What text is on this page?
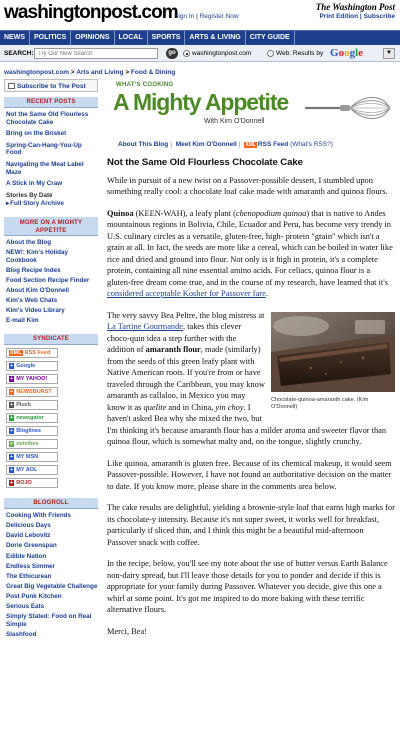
washingtonpost.com
Sign In | Register Now
The Washington Post
Print Edition | Subscribe
NEWS	POLITICS	OPINIONS	LOCAL	SPORTS	ARTS & LIVING	CITY GUIDE
SEARCH:
Try Our New Search	go	washingtonpost.com	Web: Results by Google	▼
washingtonpost.com > Arts and Living > Food & Dining
WHAT'S COOKING
A Mighty Appetite
With Kim O'Donnell
About This Blog | Meet Kim O'Donnell | XML RSS Feed (What's RSS?)
Subscribe to The Post
RECENT POSTS
Not the Same Old Flourless Chocolate Cake
Bring on the Brisket
Spring-Can-Hang-You-Up Food
Navigating the Meat Label Maze
A Stick in My Craw
Stories By Date
▸Full Story Archive
MORE ON A MIGHTY APPETITE
About the Blog
NEW!: Kim's Holiday Cookbook
Blog Recipe Index
Food Section Recipe Finder
About Kim O'Donnell
Kim's Web Chats
Kim's Video Library
E-mail Kim
SYNDICATE
XML RSS Feed
+ Google
+ MY YAHOO!
+ NEWSBURST
+ Pluck
+ newsgator
+ Bloglines
+ netvibes
+ MY MSN
+ MY AOL
+ ROJO
BLOGROLL
Cooking With Friends
Delicious Days
David Lebovitz
Dorie Greenspan
Edible Nation
Endless Simmer
The Ethicurean
Great Big Vegetable Challenge
Post Punk Kitchen
Serious Eats
Simply Stated: Food on Real Simple
Slashfood
Not the Same Old Flourless Chocolate Cake

While in pursuit of a new twist on a Passover-possible dessert, I stumbled upon something really cool: a chocolate loaf cake made with amaranth and quinoa flours.

Quinoa (KEEN-WAH), a leafy plant (chenopodium quinoa) that is native to Andes mountainous regions in Bolivia, Chile, Ecuador and Peru, has become very trendy in U.S. culinary circles as a versatile, gluten-free, high- protein "grain" which isn't a grain at all. In fact, the seeds are more like a cereal, which can be boiled in water like rice and dried and ground into flour. Not only is it high in protein, it's a complete protein, containing all nine essential amino acids. For celiacs, quinoa flour is a gluten-free dream come true, and in the course of my research, have learned that it's considered acceptable Kosher for Passover fare.

Chocolate-quinoa-amaranth cake. (Kim O'Donnell)

The very savvy Bea Peltre, the blog mistress at La Tartine Gourmande, takes this clever choco-quin idea a step further with the addition of amaranth flour, made (similarly) from the seeds of this green leafy plant with Native American roots. If you're from or have traveled through the Caribbean, you may know amaranth as callaloo, in Mexico you may know it as quelite and in China, yin choy. I haven't asked Bea why she mixed the two, but I'm thinking it's because amaranth flour has a milder aroma and sweeter flavor than quinoa flour, which is somewhat malty and, on the tongue, slightly crunchy.

Like quinoa, amaranth is gluten free. Because of its chemical makeup, it would seem Passover-possible. However, I have not found an authoritative decision on the matter to date. If you know more, please share in the comments area below.

The cake results are delightful, yielding a brownie-style loaf that earns high marks for its chocolate-y intensity. Because it's not super sweet, it works well for breakfast, particularly if sliced thin, and I think this might be a beautiful mid-afternoon Passover snack with coffee.

In the recipe, below, you'll see my note about the use of butter versus Earth Balance non-dairy spread, but I'll leave those details for you to ponder and decide if this is appropriate for your family during Passover. Whatever you decide, give this one a whirl at some point. It's got me inspired to do more baking with these terrific alternative flours.

Merci, Bea!
